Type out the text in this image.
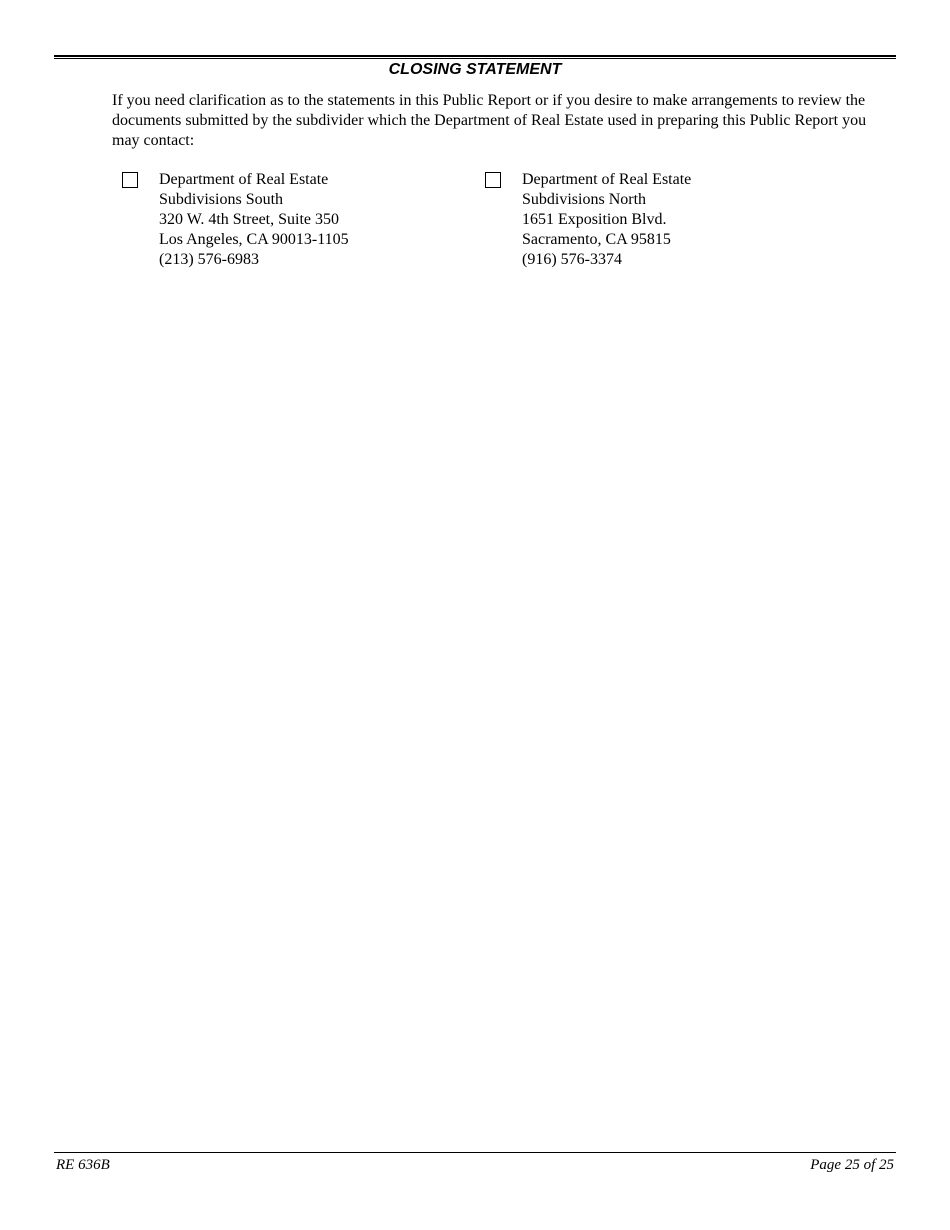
CLOSING STATEMENT

If you need clarification as to the statements in this Public Report or if you desire to make arrangements to review the documents submitted by the subdivider which the Department of Real Estate used in preparing this Public Report you may contact:

Department of Real Estate
Subdivisions South
320 W. 4th Street, Suite 350
Los Angeles, CA 90013-1105
(213) 576-6983
Department of Real Estate
Subdivisions North
1651 Exposition Blvd.
Sacramento, CA 95815
(916) 576-3374
RE 636B	Page 25 of 25
